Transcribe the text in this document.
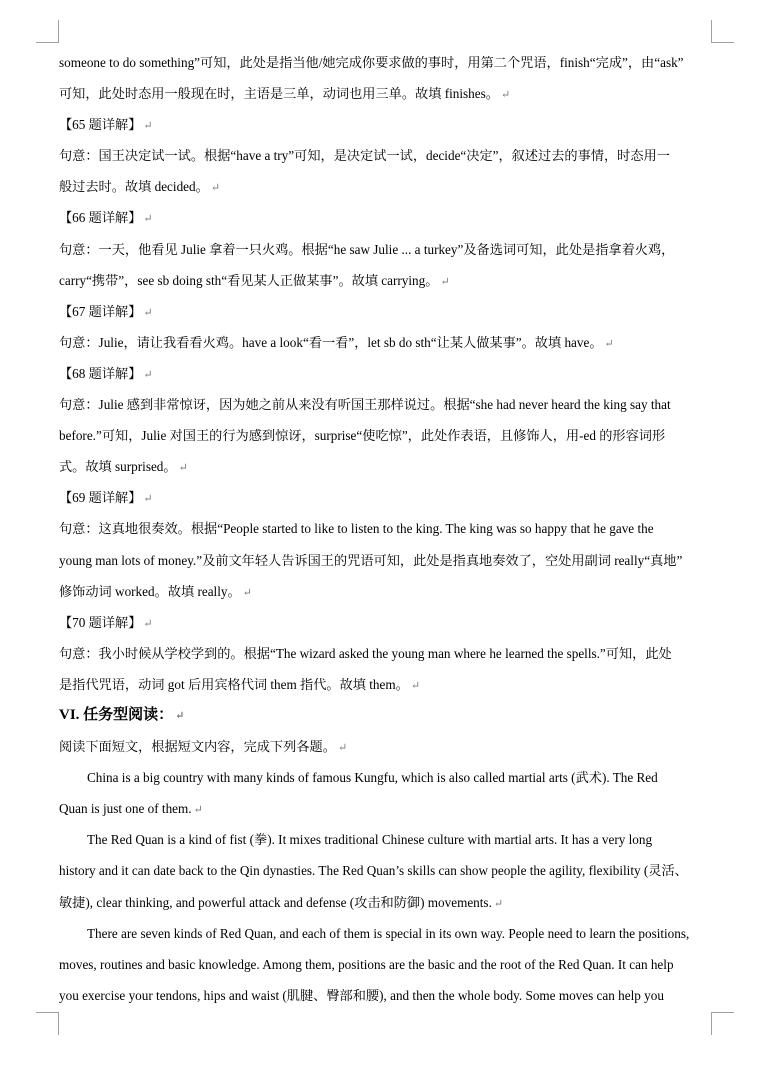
someone to do something”可知，此处是指当他/她完成你要求做的事时，用第二个咒语，finish“完成”，由“ask”
可知，此处时态用一般现在时，主语是三单，动词也用三单。故填 finishes。 ↵
【65 题详解】 ↵
句意：国王决定试一试。根据“have a try”可知，是决定试一试，decide“决定”，叙述过去的事情，时态用一
般过去时。故填 decided。 ↵
【66 题详解】 ↵
句意：一天，他看见 Julie 拿着一只火鸡。根据“he saw Julie ... a turkey”及备选词可知，此处是指拿着火鸡，
carry“携带”，see sb doing sth“看见某人正做某事”。故填 carrying。 ↵
【67 题详解】 ↵
句意：Julie，请让我看看火鸡。have a look“看一看”，let sb do sth“让某人做某事”。故填 have。 ↵
【68 题详解】 ↵
句意：Julie 感到非常惊讶，因为她之前从来没有听国王那样说过。根据“she had never heard the king say that
before.”可知，Julie 对国王的行为感到惊讶，surprise“使吃惊”，此处作表语，且修饰人，用-ed 的形容词形
式。故填 surprised。 ↵
【69 题详解】 ↵
句意：这真地很奏效。根据“People started to like to listen to the king. The king was so happy that he gave the
young man lots of money.”及前文年轻人告诉国王的咒语可知，此处是指真地奏效了，空处用副词 really“真地”
修饰动词 worked。故填 really。 ↵
【70 题详解】 ↵
句意：我小时候从学校学到的。根据“The wizard asked the young man where he learned the spells.”可知，此处
是指代咒语，动词 got 后用宾格代词 them 指代。故填 them。 ↵
VI. 任务型阅读： ↵
阅读下面短文，根据短文内容，完成下列各题。 ↵
China is a big country with many kinds of famous Kungfu, which is also called martial arts (武术). The Red
Quan is just one of them. ↵
The Red Quan is a kind of fist (拳). It mixes traditional Chinese culture with martial arts. It has a very long
history and it can date back to the Qin dynasties. The Red Quan’s skills can show people the agility, flexibility (灵活、
敏捷), clear thinking, and powerful attack and defense (攻击和防御) movements. ↵
There are seven kinds of Red Quan, and each of them is special in its own way. People need to learn the positions,
moves, routines and basic knowledge. Among them, positions are the basic and the root of the Red Quan. It can help
you exercise your tendons, hips and waist (肌腱、臀部和腰), and then the whole body. Some moves can help you
